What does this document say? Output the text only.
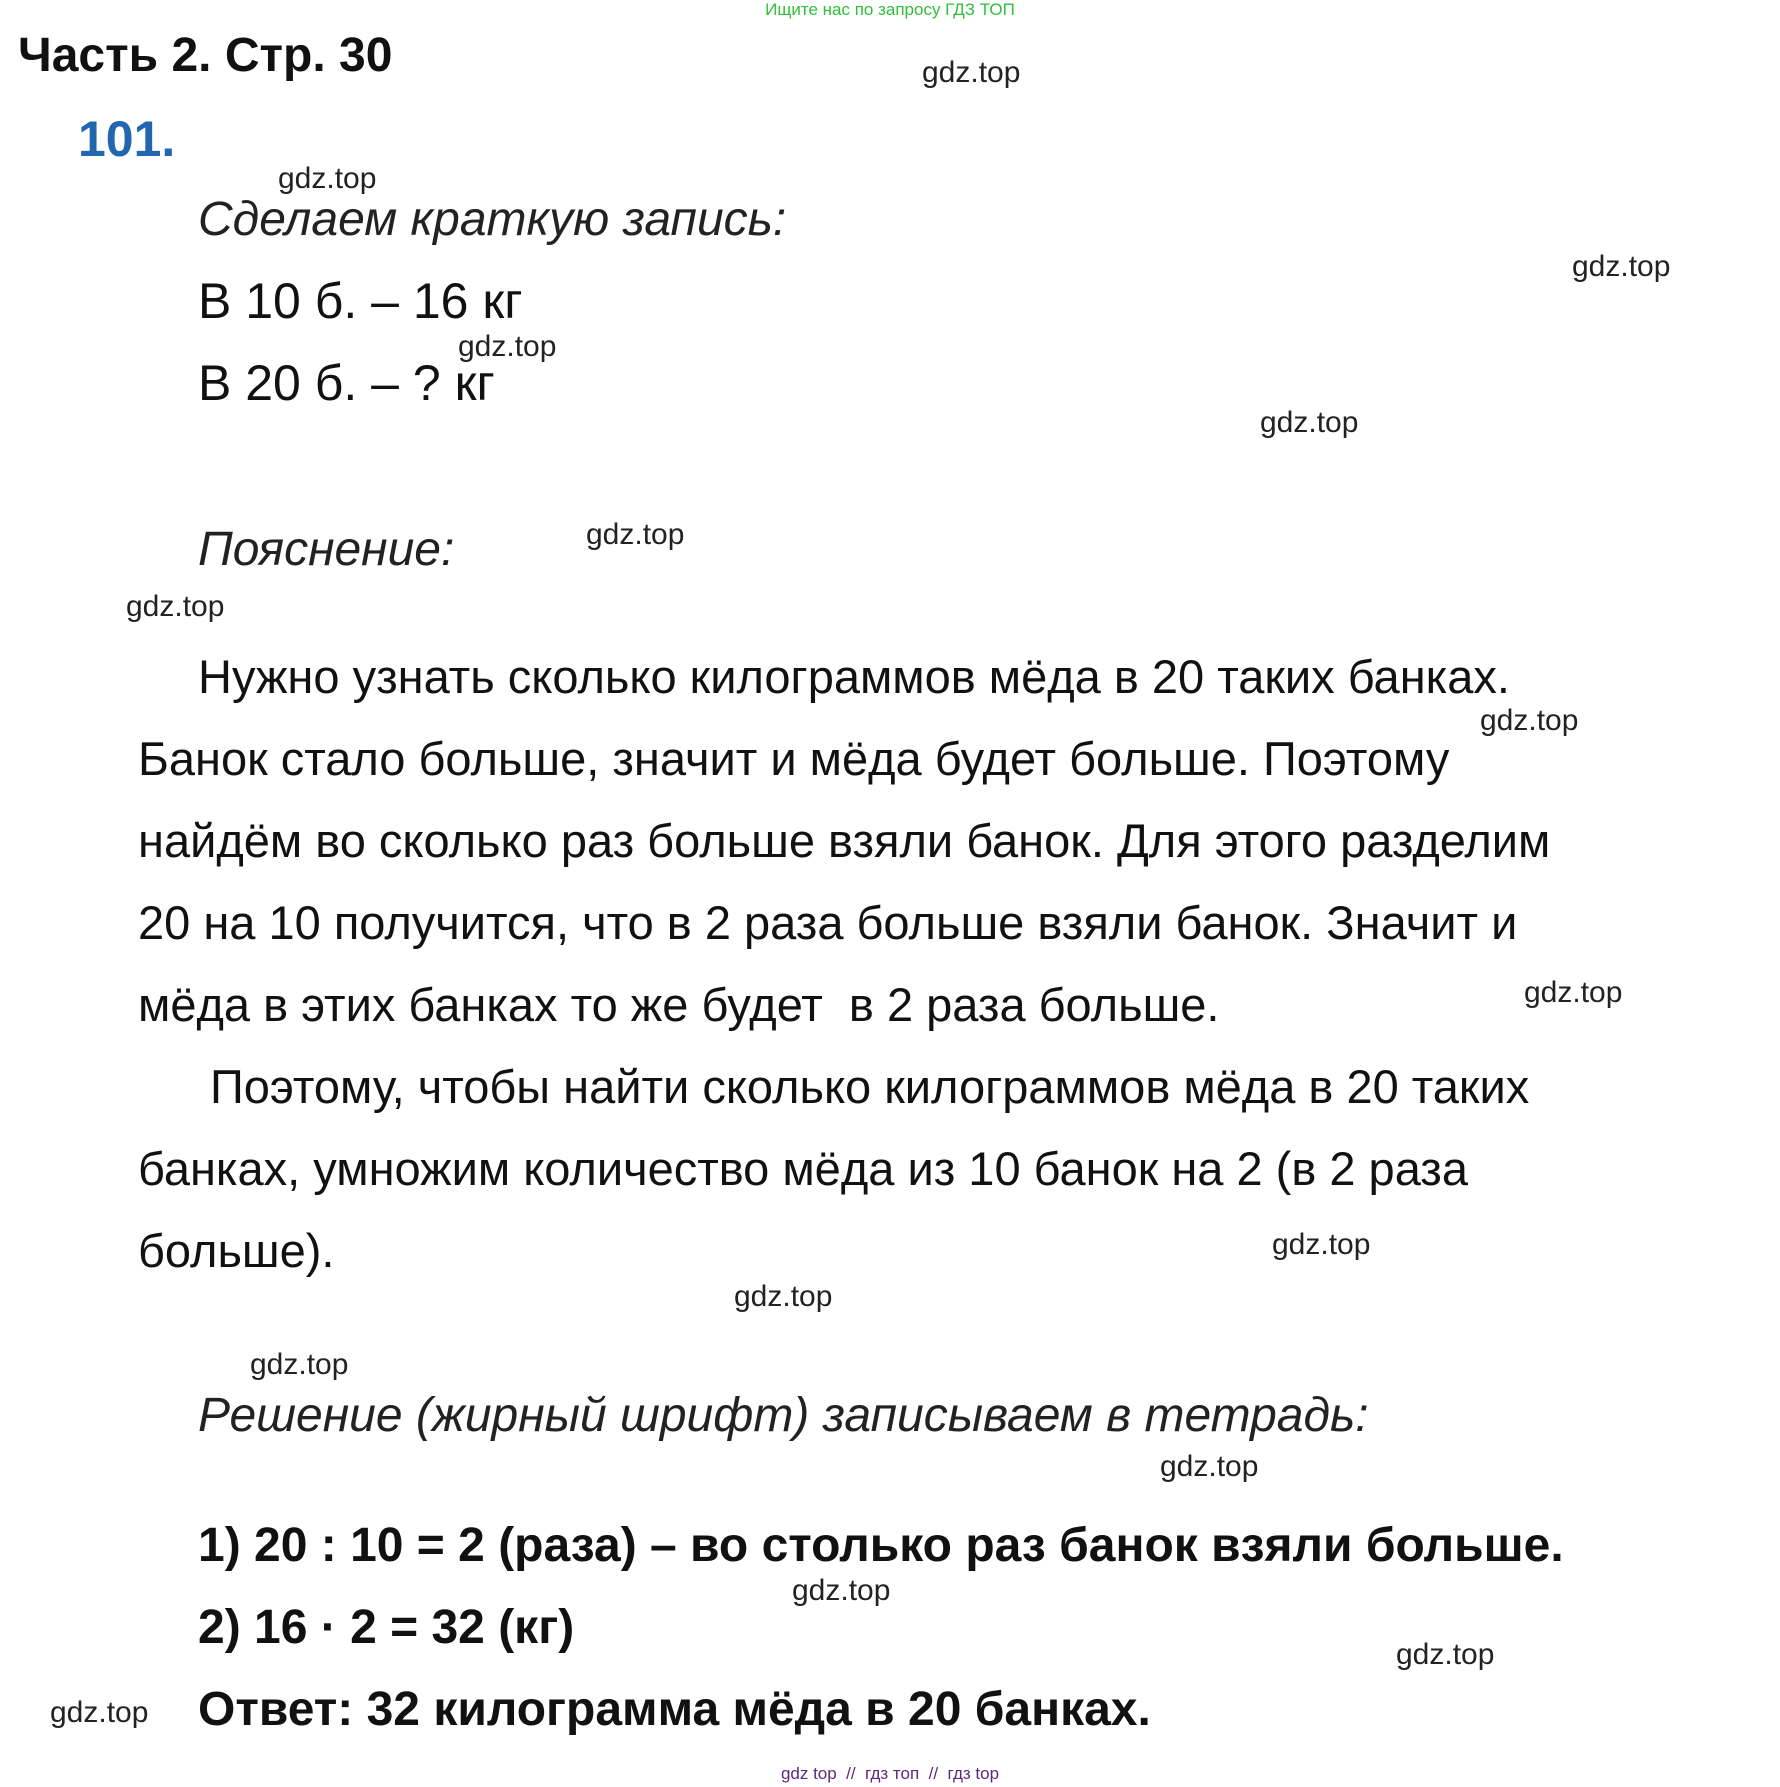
Ищите нас по запросу ГДЗ ТОП
Часть 2. Стр. 30
101.
Сделаем краткую запись:
В 10 б. – 16 кг
В 20 б. – ? кг
Пояснение:
Нужно узнать сколько килограммов мёда в 20 таких банках.
Банок стало больше, значит и мёда будет больше. Поэтому
найдём во сколько раз больше взяли банок. Для этого разделим
20 на 10 получится, что в 2 раза больше взяли банок. Значит и
мёда в этих банках то же будет  в 2 раза больше.
Поэтому, чтобы найти сколько килограммов мёда в 20 таких
банках, умножим количество мёда из 10 банок на 2 (в 2 раза
больше).
Решение (жирный шрифт) записываем в тетрадь:
1) 20 : 10 = 2 (раза) – во столько раз банок взяли больше.
2) 16 · 2 = 32 (кг)
Ответ: 32 килограмма мёда в 20 банках.
gdz.top
gdz.top
gdz.top
gdz.top
gdz.top
gdz.top
gdz.top
gdz.top
gdz.top
gdz.top
gdz.top
gdz.top
gdz.top
gdz.top
gdz.top
gdz.top
gdz top  //  гдз топ  //  гдз top
